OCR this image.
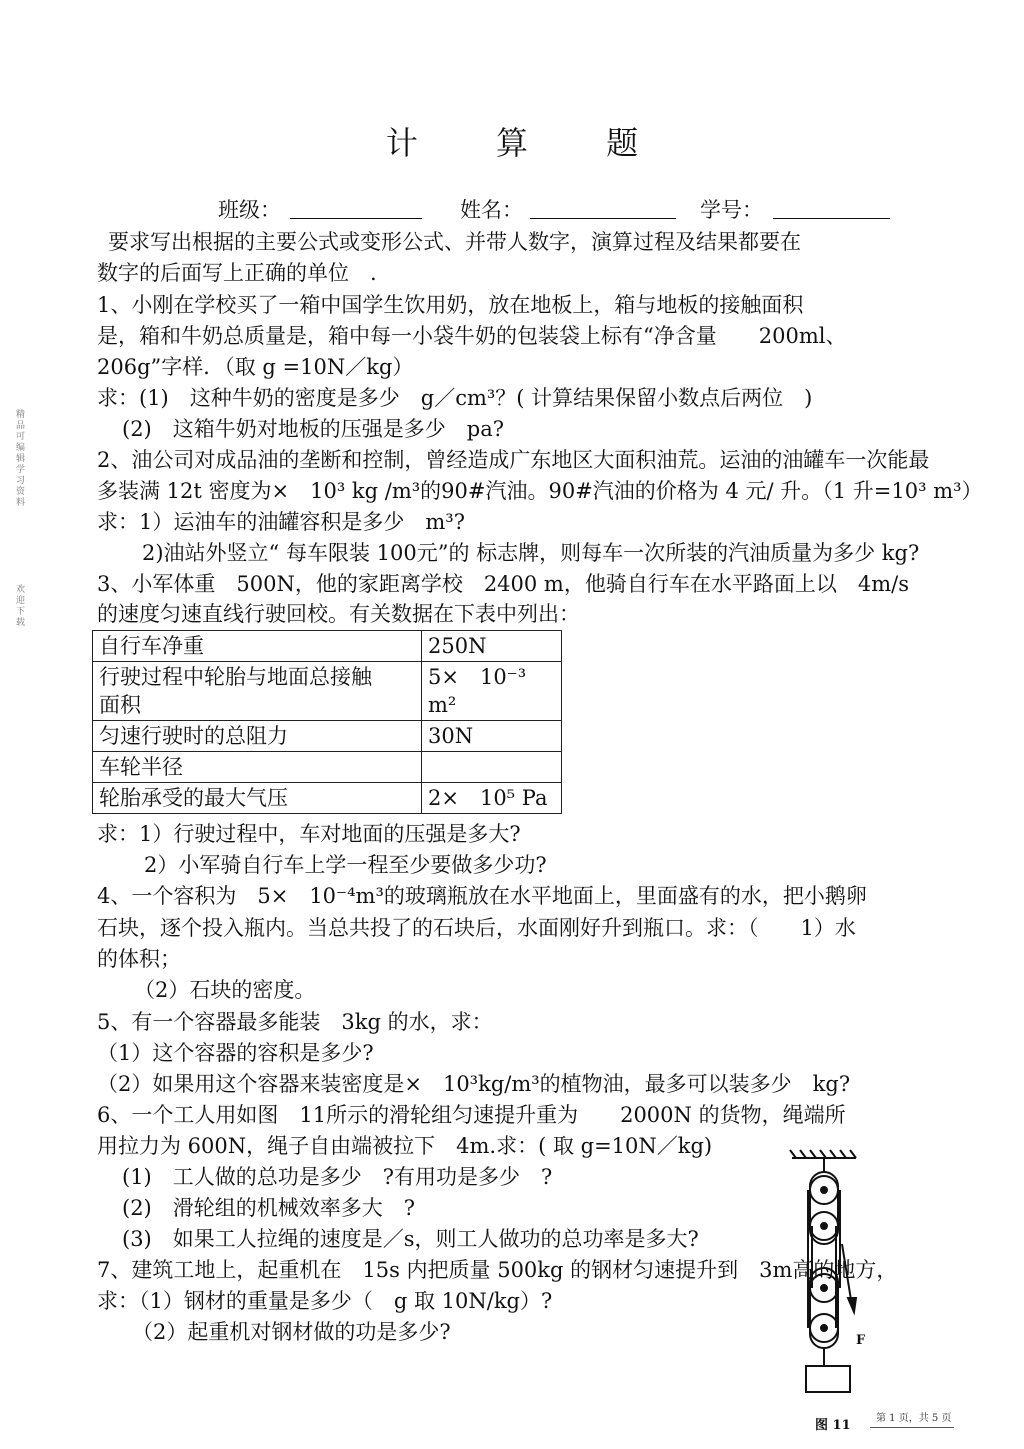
计 算 题
班级：	姓名：	学号：
要求写出根据的主要公式或变形公式、并带人数字，演算过程及结果都要在
数字的后面写上正确的单位　.
1、小刚在学校买了一箱中国学生饮用奶，放在地板上，箱与地板的接触面积
是，箱和牛奶总质量是，箱中每一小袋牛奶的包装袋上标有“净含量　　200ml、
206g”字样．（取 g =10N／kg）
求：(1)　这种牛奶的密度是多少　g／cm³？( 计算结果保留小数点后两位　)
(2)　这箱牛奶对地板的压强是多少　pa?
2、油公司对成品油的垄断和控制，曾经造成广东地区大面积油荒。运油的油罐车一次能最
多装满 12t 密度为×　10³ kg /m³的90#汽油。90#汽油的价格为 4 元/ 升。（1 升=10³ m³）
求：1）运油车的油罐容积是多少　m³?
2)油站外竖立“ 每车限装 100元”的 标志牌，则每车一次所装的汽油质量为多少 kg?
3、小军体重　500N，他的家距离学校　2400 m，他骑自行车在水平路面上以　4m/s
的速度匀速直线行驶回校。有关数据在下表中列出：
自行车净重	250N
行驶过程中轮胎与地面总接触
面积	5×　10⁻³ m²
匀速行驶时的总阻力	30N
车轮半径	
轮胎承受的最大气压	2×　10⁵ Pa
求：1）行驶过程中，车对地面的压强是多大?
2）小军骑自行车上学一程至少要做多少功?
4、一个容积为　5×　10⁻⁴m³的玻璃瓶放在水平地面上，里面盛有的水，把小鹅卵
石块，逐个投入瓶内。当总共投了的石块后，水面刚好升到瓶口。求：（　　1）水
的体积；
（2）石块的密度。
5、有一个容器最多能装　3kg 的水，求：
（1）这个容器的容积是多少?
（2）如果用这个容器来装密度是×　10³kg/m³的植物油，最多可以装多少　kg?
6、一个工人用如图　11所示的滑轮组匀速提升重为　　2000N 的货物，绳端所
用拉力为 600N，绳子自由端被拉下　4m.求：( 取 g=10N／kg)
(1)　工人做的总功是多少　?有用功是多少　?
(2)　滑轮组的机械效率多大　?
(3)　如果工人拉绳的速度是／s，则工人做功的总功率是多大?
7、建筑工地上，起重机在　15s 内把质量 500kg 的钢材匀速提升到　3m高的地方，
求：（1）钢材的重量是多少（　g 取 10N/kg）?
（2）起重机对钢材做的功是多少?	F
图 11
精品可编辑学习资料
欢迎下载
第 1 页，共 5 页
